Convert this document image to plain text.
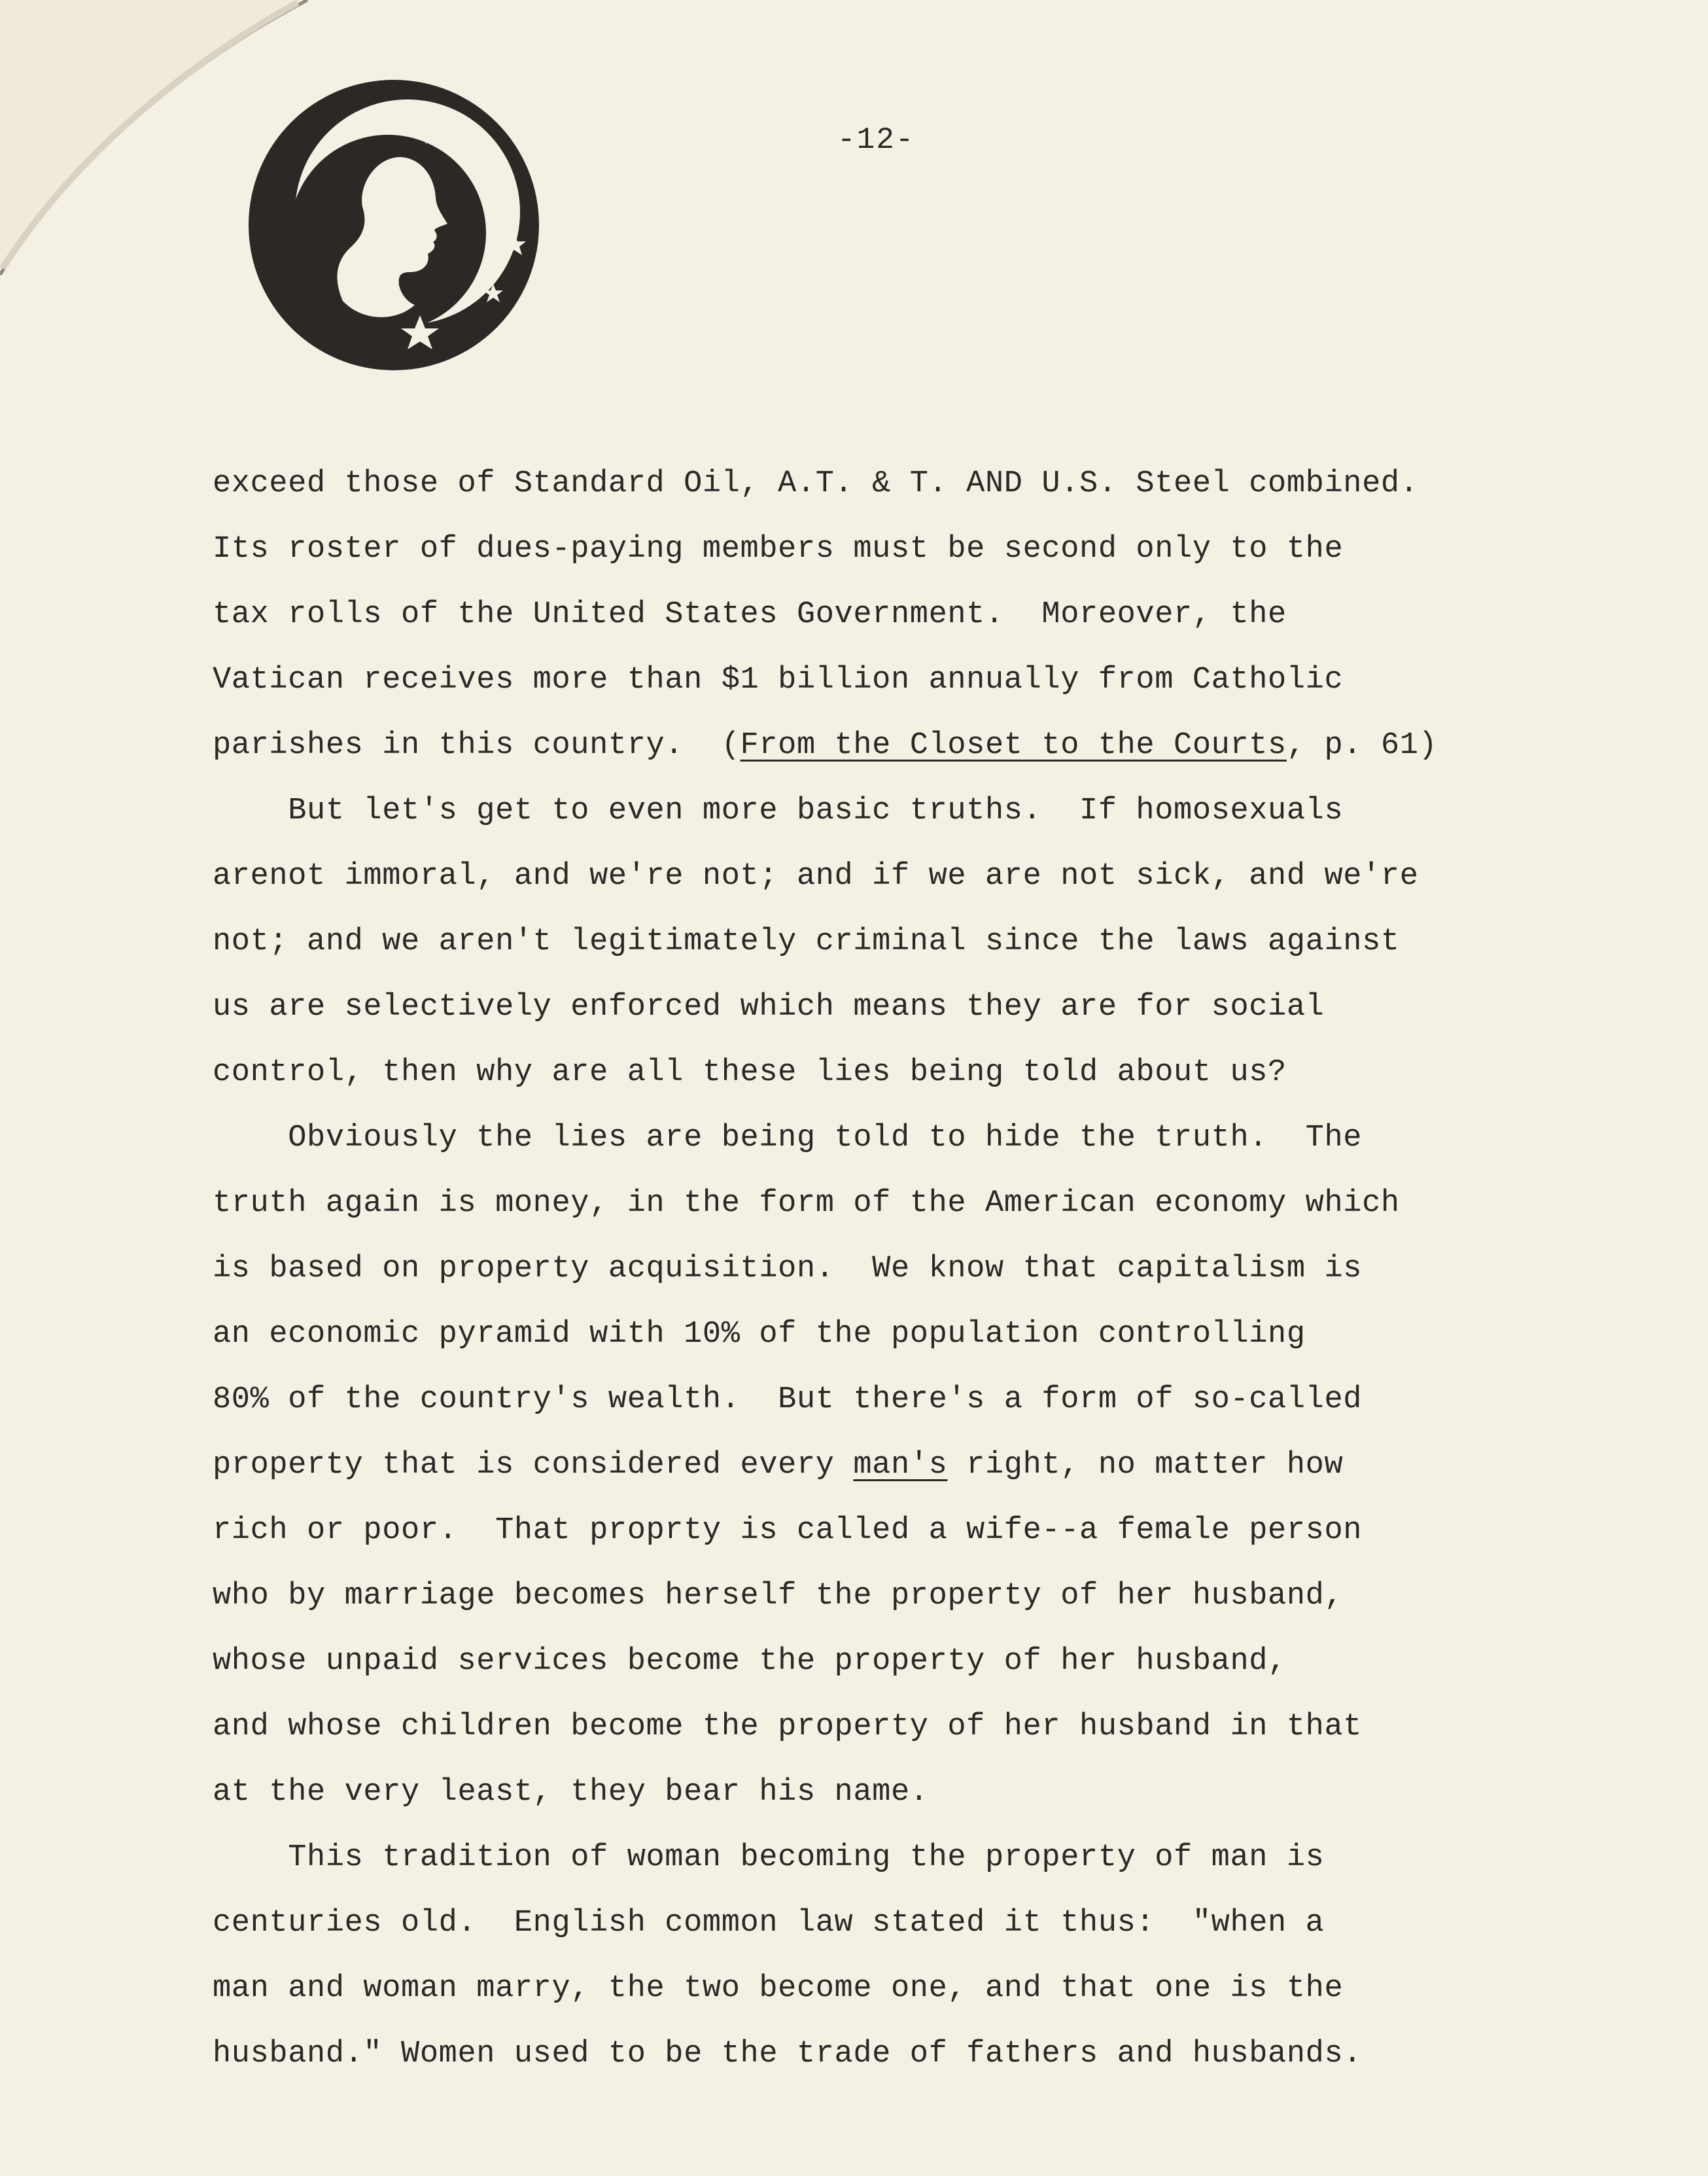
-12-
exceed those of Standard Oil, A.T. & T. AND U.S. Steel combined.
Its roster of dues-paying members must be second only to the
tax rolls of the United States Government.  Moreover, the
Vatican receives more than $1 billion annually from Catholic
parishes in this country.  (From the Closet to the Courts, p. 61)
But let's get to even more basic truths.  If homosexuals
arenot immoral, and we're not; and if we are not sick, and we're
not; and we aren't legitimately criminal since the laws against
us are selectively enforced which means they are for social
control, then why are all these lies being told about us?
Obviously the lies are being told to hide the truth.  The
truth again is money, in the form of the American economy which
is based on property acquisition.  We know that capitalism is
an economic pyramid with 10% of the population controlling
80% of the country's wealth.  But there's a form of so-called
property that is considered every man's right, no matter how
rich or poor.  That proprty is called a wife--a female person
who by marriage becomes herself the property of her husband,
whose unpaid services become the property of her husband,
and whose children become the property of her husband in that
at the very least, they bear his name.
This tradition of woman becoming the property of man is
centuries old.  English common law stated it thus:  "when a
man and woman marry, the two become one, and that one is the
husband." Women used to be the trade of fathers and husbands.
